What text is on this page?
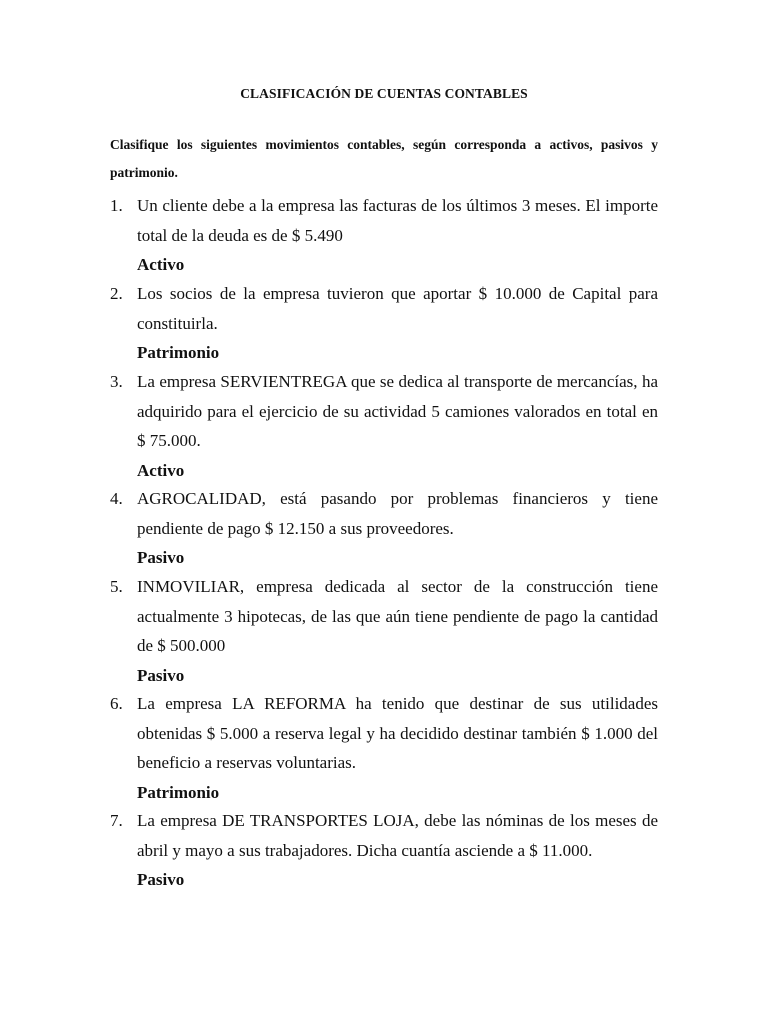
CLASIFICACIÓN DE CUENTAS CONTABLES
Clasifique los siguientes movimientos contables, según corresponda a activos, pasivos y patrimonio.
1. Un cliente debe a la empresa las facturas de los últimos 3 meses. El importe total de la deuda es de $ 5.490
Activo
2. Los socios de la empresa tuvieron que aportar $ 10.000 de Capital para constituirla.
Patrimonio
3. La empresa SERVIENTREGA que se dedica al transporte de mercancías, ha adquirido para el ejercicio de su actividad 5 camiones valorados en total en $ 75.000.
Activo
4. AGROCALIDAD, está pasando por problemas financieros y tiene pendiente de pago $ 12.150 a sus proveedores.
Pasivo
5. INMOVILIAR, empresa dedicada al sector de la construcción tiene actualmente 3 hipotecas, de las que aún tiene pendiente de pago la cantidad de $ 500.000
Pasivo
6. La empresa LA REFORMA ha tenido que destinar de sus utilidades obtenidas $ 5.000 a reserva legal y ha decidido destinar también $ 1.000 del beneficio a reservas voluntarias.
Patrimonio
7. La empresa DE TRANSPORTES LOJA, debe las nóminas de los meses de abril y mayo a sus trabajadores. Dicha cuantía asciende a $ 11.000.
Pasivo
